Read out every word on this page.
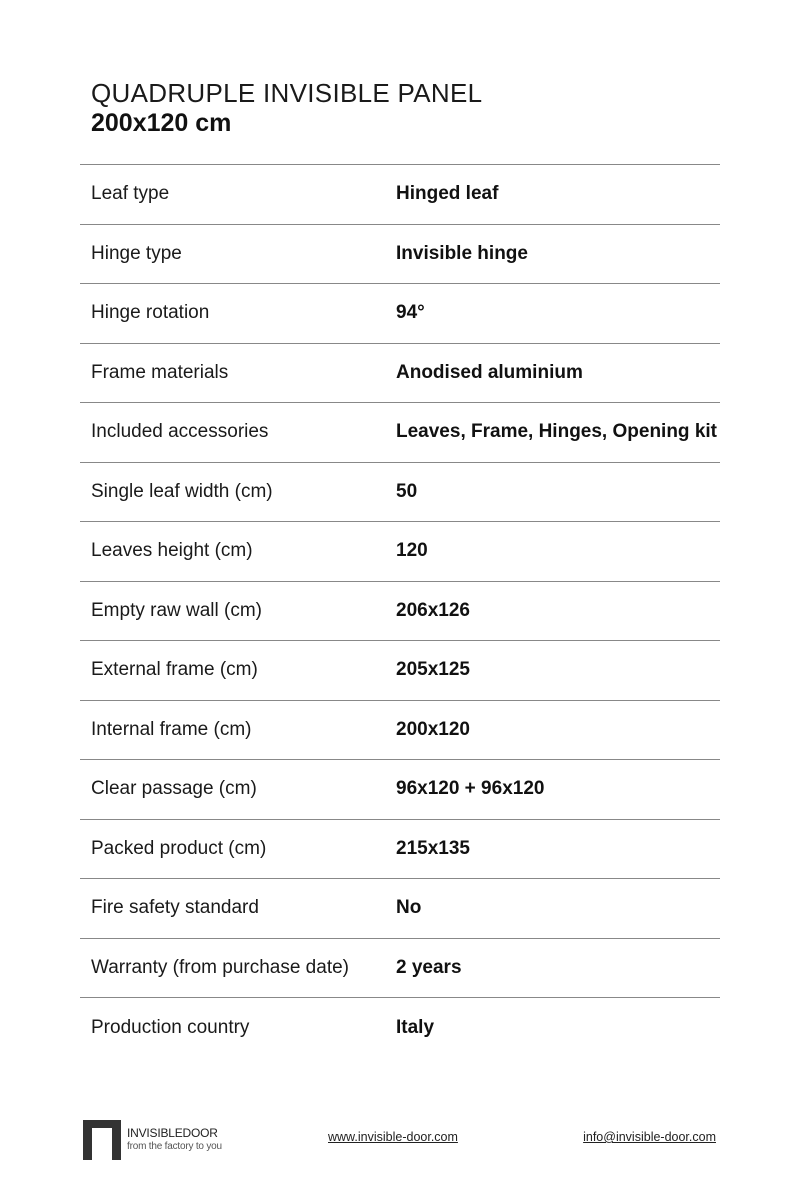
QUADRUPLE INVISIBLE PANEL
200x120 cm
Leaf type	Hinged leaf
Hinge type	Invisible hinge
Hinge rotation	94°
Frame materials	Anodised aluminium
Included accessories	Leaves, Frame, Hinges, Opening kit
Single leaf width (cm)	50
Leaves height (cm)	120
Empty raw wall (cm)	206x126
External frame (cm)	205x125
Internal frame (cm)	200x120
Clear passage (cm)	96x120 + 96x120
Packed product (cm)	215x135
Fire safety standard	No
Warranty (from purchase date)	2 years
Production country	Italy
INVISIBLEDOOR
from the factory to you
www.invisible-door.com	info@invisible-door.com
